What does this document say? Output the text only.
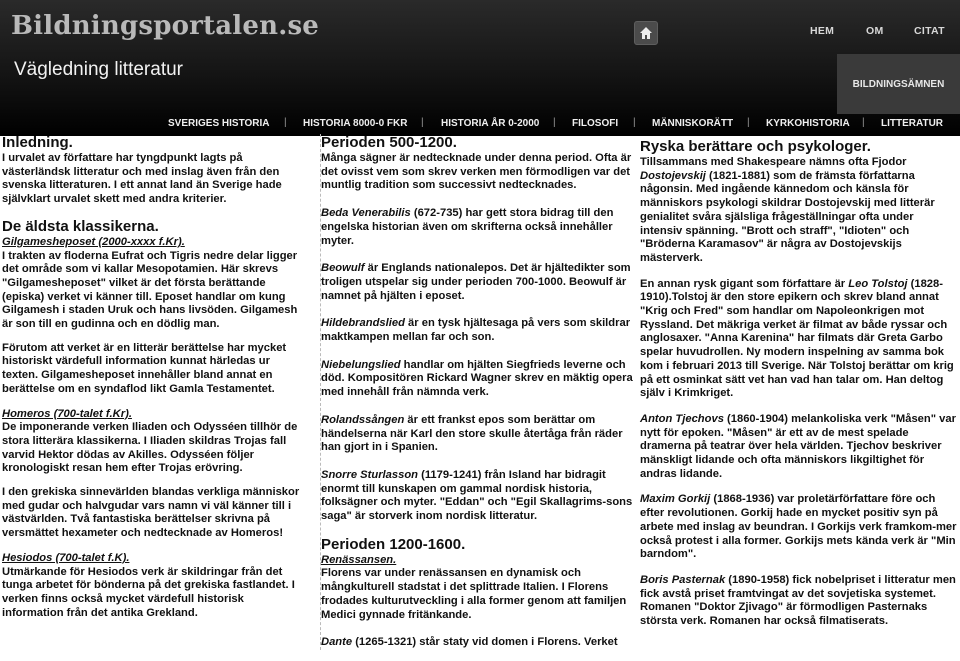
Bildningsportalen.se
Vägledning litteratur
HEM	OM	CITAT
BILDNINGSÄMNEN
SVERIGES HISTORIA | HISTORIA 8000-0 FKR | HISTORIA ÅR 0-2000 | FILOSOFI | MÄNNISKORÄTT | KYRKOHISTORIA | LITTERATUR

Inledning.

I urvalet av författare har tyngdpunkt lagts på västerländsk litteratur och med inslag även från den svenska litteraturen. I ett annat land än Sverige hade självklart urvalet skett med andra kriterier.

De äldsta klassikerna.

Gilgamesheposet (2000-xxxx f.Kr).

I trakten av floderna Eufrat och Tigris nedre delar ligger det område som vi kallar Mesopotamien. Här skrevs "Gilgamesheposet" vilket är det första berättande (episka) verket vi känner till. Eposet handlar om kung Gilgamesh i staden Uruk och hans livsöden. Gilgamesh är son till en gudinna och en dödlig man.

Förutom att verket är en litterär berättelse har mycket historiskt värdefull information kunnat härledas ur texten. Gilgamesheposet innehåller bland annat en berättelse om en syndaflod likt Gamla Testamentet.

Homeros (700-talet f.Kr).

De imponerande verken Iliaden och Odysséen tillhör de stora litterära klassikerna. I Iliaden skildras Trojas fall varvid Hektor dödas av Akilles. Odysséen följer kronologiskt resan hem efter Trojas erövring.

I den grekiska sinnevärlden blandas verkliga människor med gudar och halvgudar vars namn vi väl känner till i västvärlden. Två fantastiska berättelser skrivna på versmättet hexameter och nedtecknade av Homeros!

Hesiodos (700-talet f.K).

Utmärkande för Hesiodos verk är skildringar från det tunga arbetet för bönderna på det grekiska fastlandet. I verken finns också mycket värdefull historisk information från det antika Grekland.

Perioden 500-1200.

Många sägner är nedtecknade under denna period. Ofta är det ovisst vem som skrev verken men förmodligen var det muntlig tradition som successivt nedtecknades.

Beda Venerabilis (672-735) har gett stora bidrag till den engelska historian även om skrifterna också innehåller myter.

Beowulf är Englands nationalepos. Det är hjältedikter som troligen utspelar sig under perioden 700-1000. Beowulf är namnet på hjälten i eposet.

Hildebrandslied är en tysk hjältesaga på vers som skildrar maktkampen mellan far och son.

Niebelungslied handlar om hjälten Siegfrieds leverne och död. Kompositören Rickard Wagner skrev en mäktig opera med innehåll från nämnda verk.

Rolandssången är ett frankst epos som berättar om händelserna när Karl den store skulle återtåga från räder han gjort in i Spanien.

Snorre Sturlasson (1179-1241) från Island har bidragit enormt till kunskapen om gammal nordisk historia, folksägner och myter. "Eddan" och "Egil Skallagrims-sons saga" är storverk inom nordisk litteratur.

Perioden 1200-1600.

Renässansen.

Florens var under renässansen en dynamisk och mångkulturell stadstat i det splittrade Italien. I Florens frodades kulturutveckling i alla former genom att familjen Medici gynnade fritänkande.

Dante (1265-1321) står staty vid domen i Florens. Verket

Ryska berättare och psykologer.

Tillsammans med Shakespeare nämns ofta Fjodor Dostojevskij (1821-1881) som de främsta författarna någonsin. Med ingående kännedom och känsla för människors psykologi skildrar Dostojevskij med litterär genialitet svåra själsliga frågeställningar ofta under intensiv spänning. "Brott och straff", "Idioten" och "Bröderna Karamasov" är några av Dostojevskijs mästerverk.

En annan rysk gigant som författare är Leo Tolstoj (1828-1910).Tolstoj är den store epikern och skrev bland annat "Krig och Fred" som handlar om Napoleonkrigen mot Ryssland. Det mäkriga verket är filmat av både ryssar och anglosaxer. "Anna Karenina" har filmats där Greta Garbo spelar huvudrollen. Ny modern inspelning av samma bok kom i februari 2013 till Sverige. När Tolstoj berättar om krig på ett osminkat sätt vet han vad han talar om. Han deltog själv i Krimkriget.

Anton Tjechovs (1860-1904) melankoliska verk "Måsen" var nytt för epoken. "Måsen" är ett av de mest spelade dramerna på teatrar över hela världen. Tjechov beskriver mänskligt lidande och ofta människors likgiltighet för andras lidande.

Maxim Gorkij (1868-1936) var proletärförfattare före och efter revolutionen. Gorkij hade en mycket positiv syn på arbete med inslag av beundran. I Gorkijs verk framkom-mer också protest i alla former. Gorkijs mets kända verk är "Min barndom".

Boris Pasternak (1890-1958) fick nobelpriset i litteratur men fick avstå priset framtvingat av det sovjetiska systemet. Romanen "Doktor Zjivago" är förmodligen Pasternaks största verk. Romanen har också filmatiserats.
